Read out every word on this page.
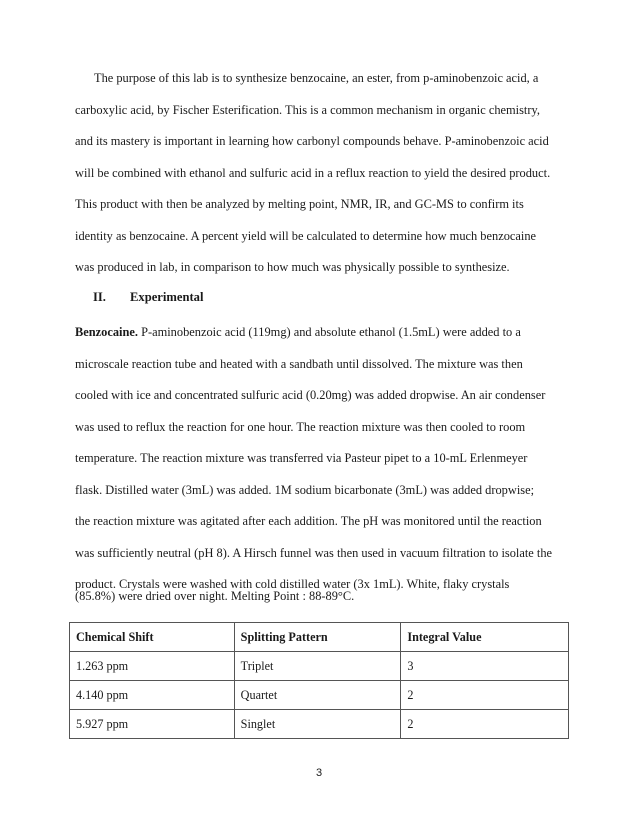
The purpose of this lab is to synthesize benzocaine, an ester, from p-aminobenzoic acid, a
carboxylic acid, by Fischer Esterification. This is a common mechanism in organic chemistry,
and its mastery is important in learning how carbonyl compounds behave. P-aminobenzoic acid
will be combined with ethanol and sulfuric acid in a reflux reaction to yield the desired product.
This product with then be analyzed by melting point, NMR, IR, and GC-MS to confirm its
identity as benzocaine. A percent yield will be calculated to determine how much benzocaine
was produced in lab, in comparison to how much was physically possible to synthesize.
II. Experimental
Benzocaine. P-aminobenzoic acid (119mg) and absolute ethanol (1.5mL) were added to a
microscale reaction tube and heated with a sandbath until dissolved. The mixture was then
cooled with ice and concentrated sulfuric acid (0.20mg) was added dropwise. An air condenser
was used to reflux the reaction for one hour. The reaction mixture was then cooled to room
temperature. The reaction mixture was transferred via Pasteur pipet to a 10-mL Erlenmeyer
flask. Distilled water (3mL) was added. 1M sodium bicarbonate (3mL) was added dropwise;
the reaction mixture was agitated after each addition. The pH was monitored until the reaction
was sufficiently neutral (pH 8). A Hirsch funnel was then used in vacuum filtration to isolate the
product. Crystals were washed with cold distilled water (3x 1mL). White, flaky crystals
(85.8%) were dried over night. Melting Point : 88-89°C.
Chemical Shift	Splitting Pattern	Integral Value
1.263 ppm	Triplet	3
4.140 ppm	Quartet	2
5.927 ppm	Singlet	2
3
